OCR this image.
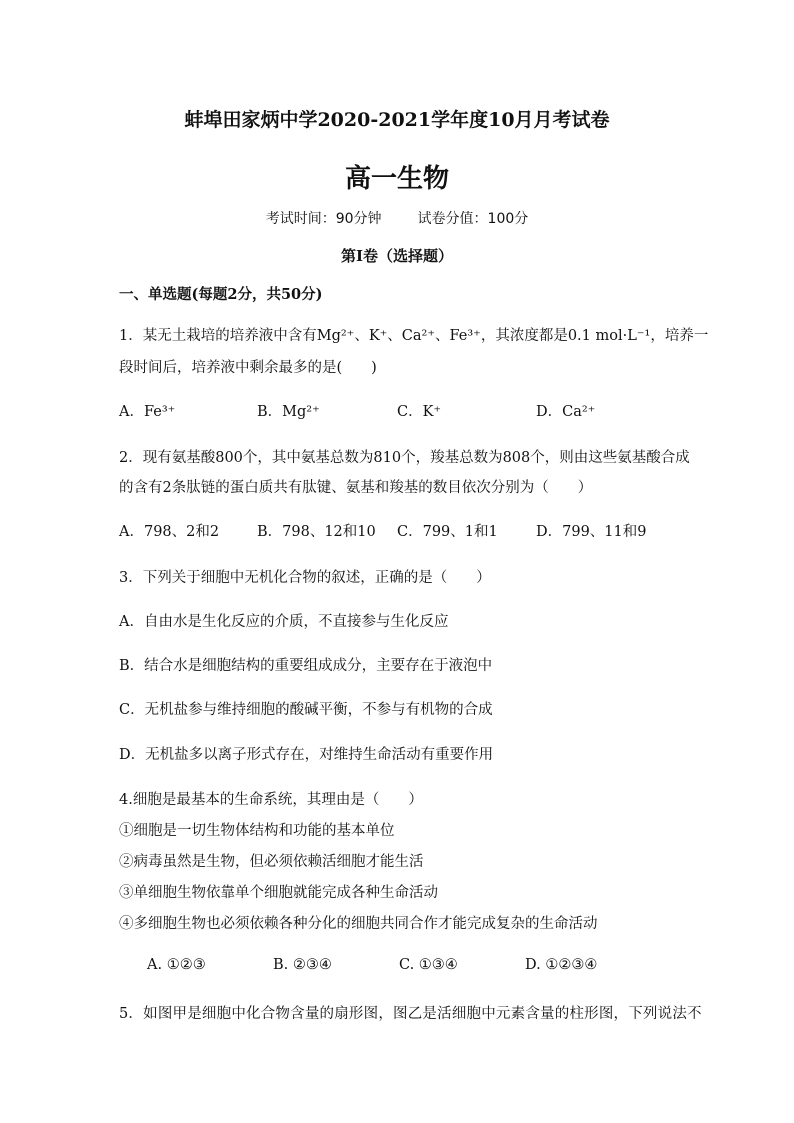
蚌埠田家炳中学2020-2021学年度10月月考试卷
高一生物
考试时间：90分钟	试卷分值：100分
第I卷（选择题）
一、单选题(每题2分，共50分)
1．某无土栽培的培养液中含有Mg²⁺、K⁺、Ca²⁺、Fe³⁺，其浓度都是0.1 mol·L⁻¹，培养一
段时间后，培养液中剩余最多的是(　　)
A．Fe³⁺	B．Mg²⁺	C．K⁺	D．Ca²⁺
2．现有氨基酸800个，其中氨基总数为810个，羧基总数为808个，则由这些氨基酸合成
的含有2条肽链的蛋白质共有肽键、氨基和羧基的数目依次分别为（　　）
A．798、2和2	B．798、12和10 C．799、1和1	D．799、11和9
3．下列关于细胞中无机化合物的叙述，正确的是（　　）
A．自由水是生化反应的介质，不直接参与生化反应
B．结合水是细胞结构的重要组成成分，主要存在于液泡中
C．无机盐参与维持细胞的酸碱平衡，不参与有机物的合成
D．无机盐多以离子形式存在，对维持生命活动有重要作用
4.细胞是最基本的生命系统，其理由是（　　）
①细胞是一切生物体结构和功能的基本单位
②病毒虽然是生物，但必须依赖活细胞才能生活
③单细胞生物依靠单个细胞就能完成各种生命活动
④多细胞生物也必须依赖各种分化的细胞共同合作才能完成复杂的生命活动
A. ①②③	B. ②③④	C. ①③④	D. ①②③④
5．如图甲是细胞中化合物含量的扇形图，图乙是活细胞中元素含量的柱形图，下列说法不
